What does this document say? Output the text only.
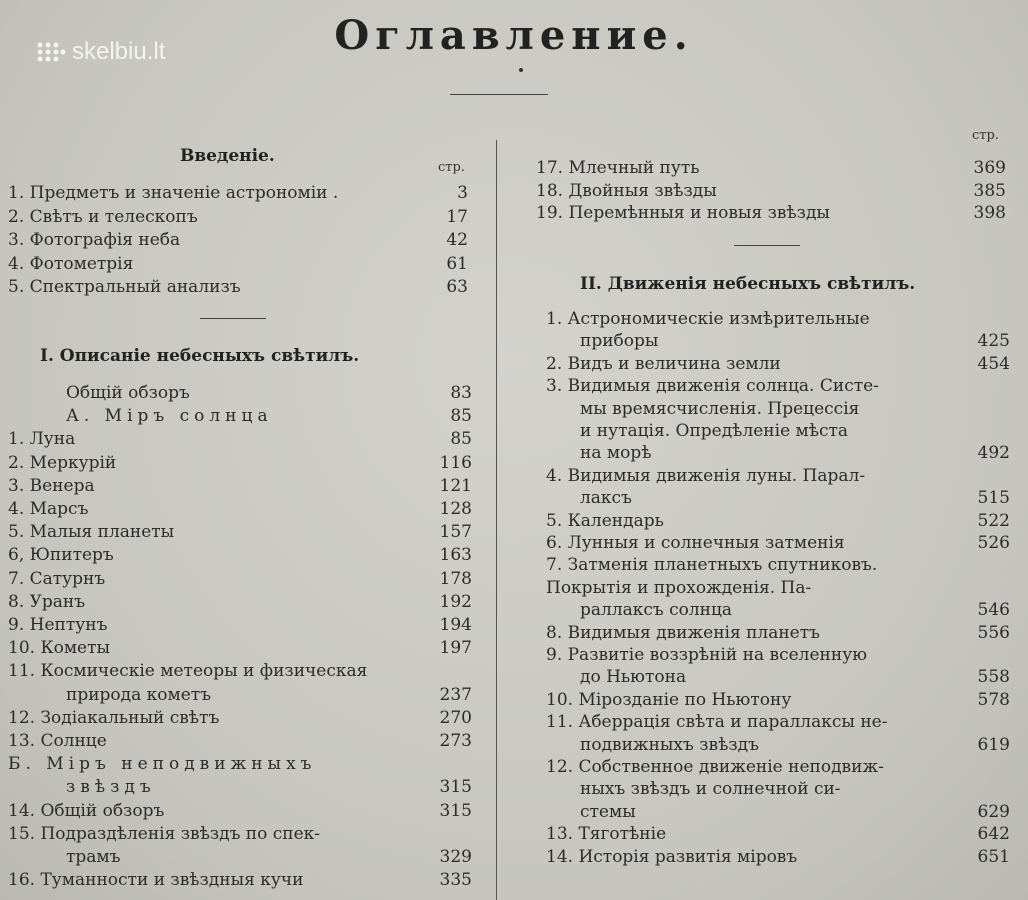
skelbiu.lt	Оглавление.
Введеніе.
стр.
1. Предметъ и значеніе астрономіи .	3
2. Свѣтъ и телескопъ	17
3. Фотографія неба	42
4. Фотометрія	61
5. Спектральный анализъ	63
I. Описаніе небесныхъ свѣтилъ.
Общій обзоръ	83
А. Міръ солнца	85
1. Луна	85
2. Меркурій	116
3. Венера	121
4. Марсъ	128
5. Малыя планеты	157
6, Юпитеръ	163
7. Сатурнъ	178
8. Уранъ	192
9. Нептунъ	194
10. Кометы	197
11. Космическіе метеоры и физическая
природа кометъ	237
12. Зодіакальный свѣтъ	270
13. Солнце	273
Б. Міръ неподвижныхъ
звѣздъ	315
14. Общій обзоръ	315
15. Подраздѣленія звѣздъ по спек-
трамъ	329
16. Туманности и звѣздныя кучи	335
стр.
17. Млечный путь	369
18. Двойныя звѣзды	385
19. Перемѣнныя и новыя звѣзды	398
II. Движенія небесныхъ свѣтилъ.
1. Астрономическіе измѣрительные
приборы	425
2. Видъ и величина земли	454
3. Видимыя движенія солнца. Систе-
мы времясчисленія. Прецессія
и нутація. Опредѣленіе мѣста
на морѣ	492
4. Видимыя движенія луны. Парал-
лаксъ	515
5. Календарь	522
6. Лунныя и солнечныя затменія	526
7. Затменія планетныхъ спутниковъ.
Покрытія и прохожденія. Па-
раллаксъ солнца	546
8. Видимыя движенія планетъ	556
9. Развитіе воззрѣній на вселенную
до Ньютона	558
10. Мірозданіе по Ньютону	578
11. Аберрація свѣта и параллаксы не-
подвижныхъ звѣздъ	619
12. Собственное движеніе неподвиж-
ныхъ звѣздъ и солнечной си-
стемы	629
13. Тяготѣніе	642
14. Исторія развитія міровъ	651
